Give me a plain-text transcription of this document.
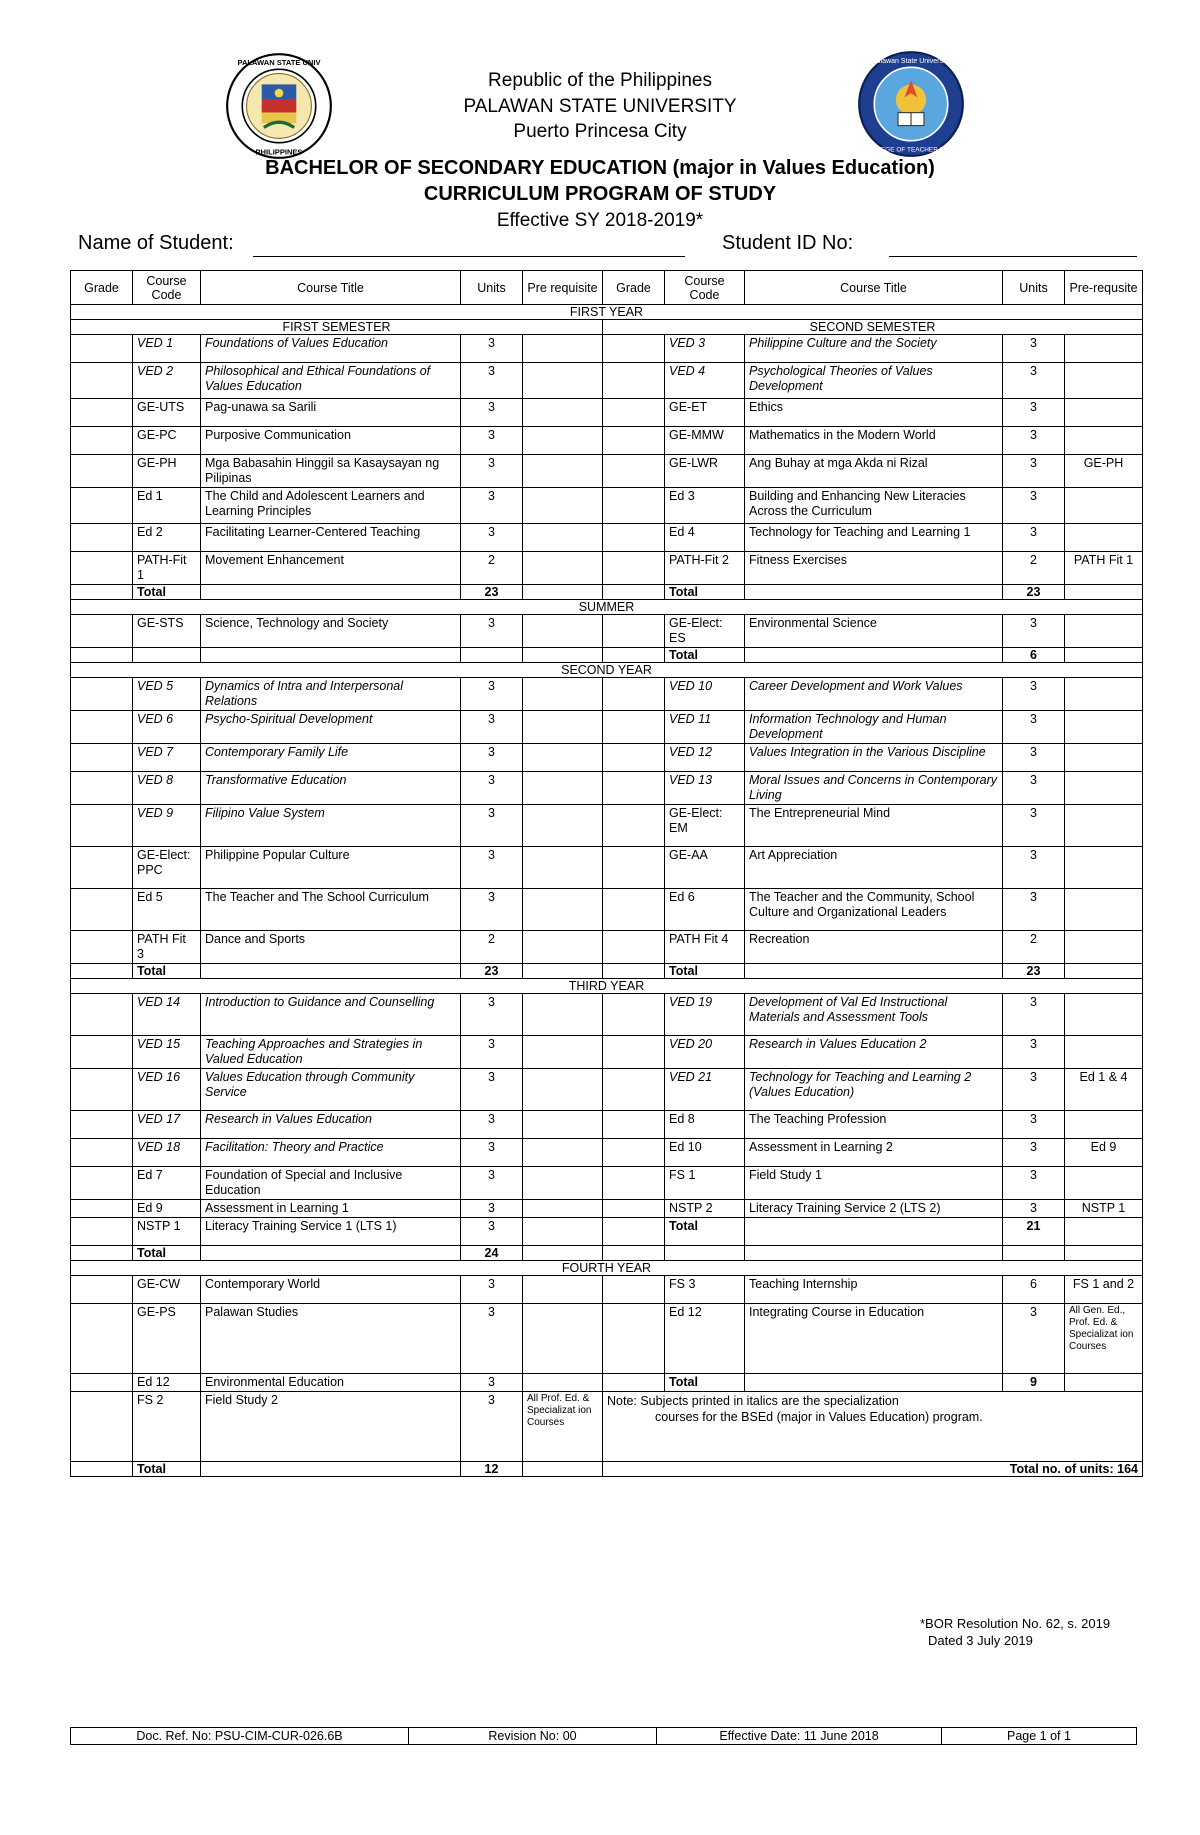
PALAWAN STATE UNIV
PHILIPPINES
Palawan State University
COLLEGE OF TEACHER EDUC
Republic of the Philippines
PALAWAN STATE UNIVERSITY
Puerto Princesa City
BACHELOR OF SECONDARY EDUCATION (major in Values Education)
CURRICULUM PROGRAM OF STUDY
Effective SY 2018-2019*
Name of Student:	Student ID No:
Grade	Course Code	Course Title	Units	Pre requisite	Grade	Course Code	Course Title	Units	Pre-requsite
FIRST YEAR									
FIRST SEMESTER					SECOND SEMESTER				
	VED 1	Foundations of Values Education	3			VED 3	Philippine Culture and the Society	3	
	VED 2	Philosophical and Ethical Foundations of Values Education	3			VED 4	Psychological Theories of Values Development	3	
	GE-UTS	Pag-unawa sa Sarili	3			GE-ET	Ethics	3	
	GE-PC	Purposive Communication	3			GE-MMW	Mathematics in the Modern World	3	
	GE-PH	Mga Babasahin Hinggil sa Kasaysayan ng Pilipinas	3			GE-LWR	Ang Buhay at mga Akda ni Rizal	3	GE-PH
	Ed 1	The Child and Adolescent Learners and Learning Principles	3			Ed 3	Building and Enhancing New Literacies Across the Curriculum	3	
	Ed 2	Facilitating Learner-Centered Teaching	3			Ed 4	Technology for Teaching and Learning 1	3	
	PATH-Fit 1	Movement Enhancement	2			PATH-Fit 2	Fitness Exercises	2	PATH Fit 1
	Total		23			Total		23	
SUMMER									
	GE-STS	Science, Technology and Society	3			GE-Elect: ES	Environmental Science	3	
						Total		6	
SECOND YEAR									
	VED 5	Dynamics of Intra and Interpersonal Relations	3			VED 10	Career Development and Work Values	3	
	VED 6	Psycho-Spiritual Development	3			VED 11	Information Technology and Human Development	3	
	VED 7	Contemporary Family Life	3			VED 12	Values Integration in the Various Discipline	3	
	VED 8	Transformative Education	3			VED 13	Moral Issues and Concerns in Contemporary Living	3	
	VED 9	Filipino Value System	3			GE-Elect: EM	The Entrepreneurial Mind	3	
	GE-Elect: PPC	Philippine Popular Culture	3			GE-AA	Art Appreciation	3	
	Ed 5	The Teacher and The School Curriculum	3			Ed 6	The Teacher and the Community, School Culture and Organizational Leaders	3	
	PATH Fit 3	Dance and Sports	2			PATH Fit 4	Recreation	2	
	Total		23			Total		23	
THIRD YEAR									
	VED 14	Introduction to Guidance and Counselling	3			VED 19	Development of Val Ed Instructional Materials and Assessment Tools	3	
	VED 15	Teaching Approaches and Strategies in Valued Education	3			VED 20	Research in Values Education 2	3	
	VED 16	Values Education through Community Service	3			VED 21	Technology for Teaching and Learning 2 (Values Education)	3	Ed 1 & 4
	VED 17	Research in Values Education	3			Ed 8	The Teaching Profession	3	
	VED 18	Facilitation: Theory and Practice	3			Ed 10	Assessment in Learning 2	3	Ed 9
	Ed 7	Foundation of Special and Inclusive Education	3			FS 1	Field Study 1	3	
	Ed 9	Assessment in Learning 1	3			NSTP 2	Literacy Training Service 2 (LTS 2)	3	NSTP 1
	NSTP 1	Literacy Training Service 1 (LTS 1)	3			Total		21	
	Total		24						
FOURTH YEAR									
	GE-CW	Contemporary World	3			FS 3	Teaching Internship	6	FS 1 and 2
	GE-PS	Palawan Studies	3			Ed 12	Integrating Course in Education	3	All Gen. Ed., Prof. Ed. & Specializat ion Courses
	Ed 12	Environmental Education	3			Total		9	
	FS 2	Field Study 2	3	All Prof. Ed. & Specializat ion Courses	Note: Subjects printed in italics are the specialization
courses for the BSEd (major in Values Education) program.				

	Total		12		Total no. of units: 164				
*BOR Resolution No. 62, s. 2019
Dated 3 July 2019
Doc. Ref. No: PSU-CIM-CUR-026.6B	Revision No: 00	Effective Date: 11 June 2018	Page 1 of 1
